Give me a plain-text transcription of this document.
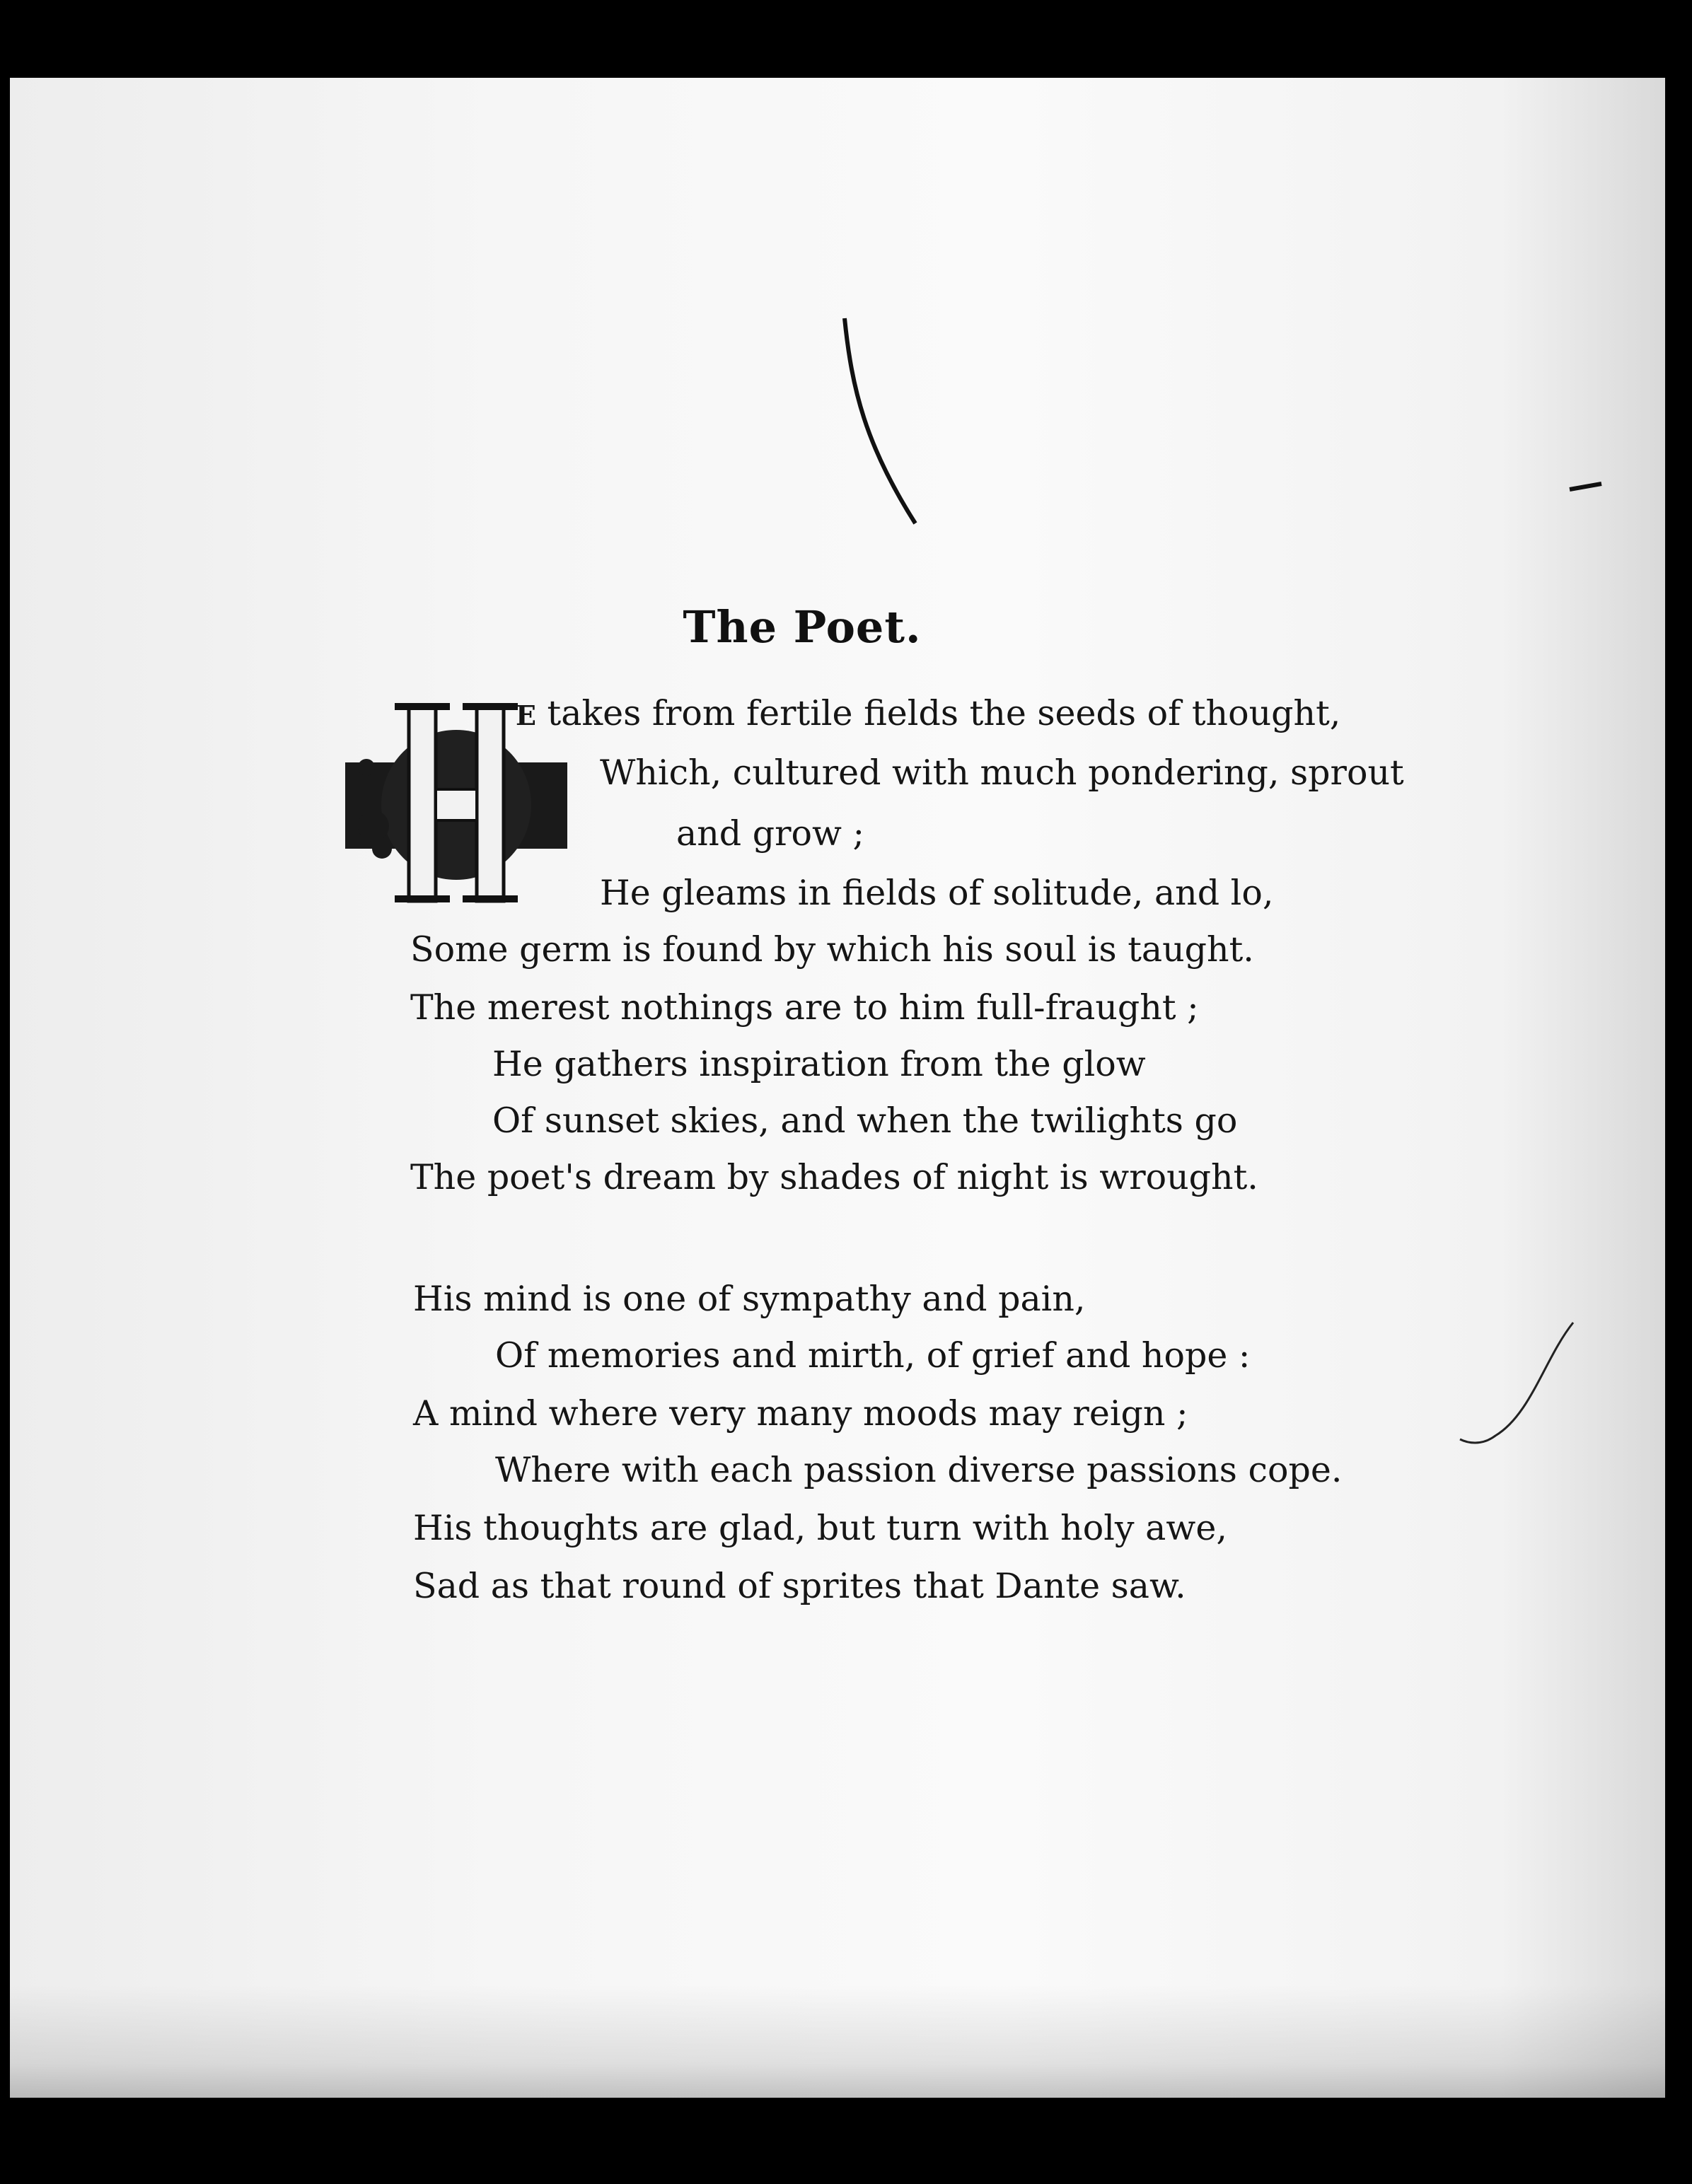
The Poet.
E takes from fertile fields the seeds of thought,
Which, cultured with much pondering, sprout
and grow ;
He gleams in fields of solitude, and lo,
Some germ is found by which his soul is taught.
The merest nothings are to him full-fraught ;
He gathers inspiration from the glow
Of sunset skies, and when the twilights go
The poet's dream by shades of night is wrought.
His mind is one of sympathy and pain,
Of memories and mirth, of grief and hope :
A mind where very many moods may reign ;
Where with each passion diverse passions cope.
His thoughts are glad, but turn with holy awe,
Sad as that round of sprites that Dante saw.
